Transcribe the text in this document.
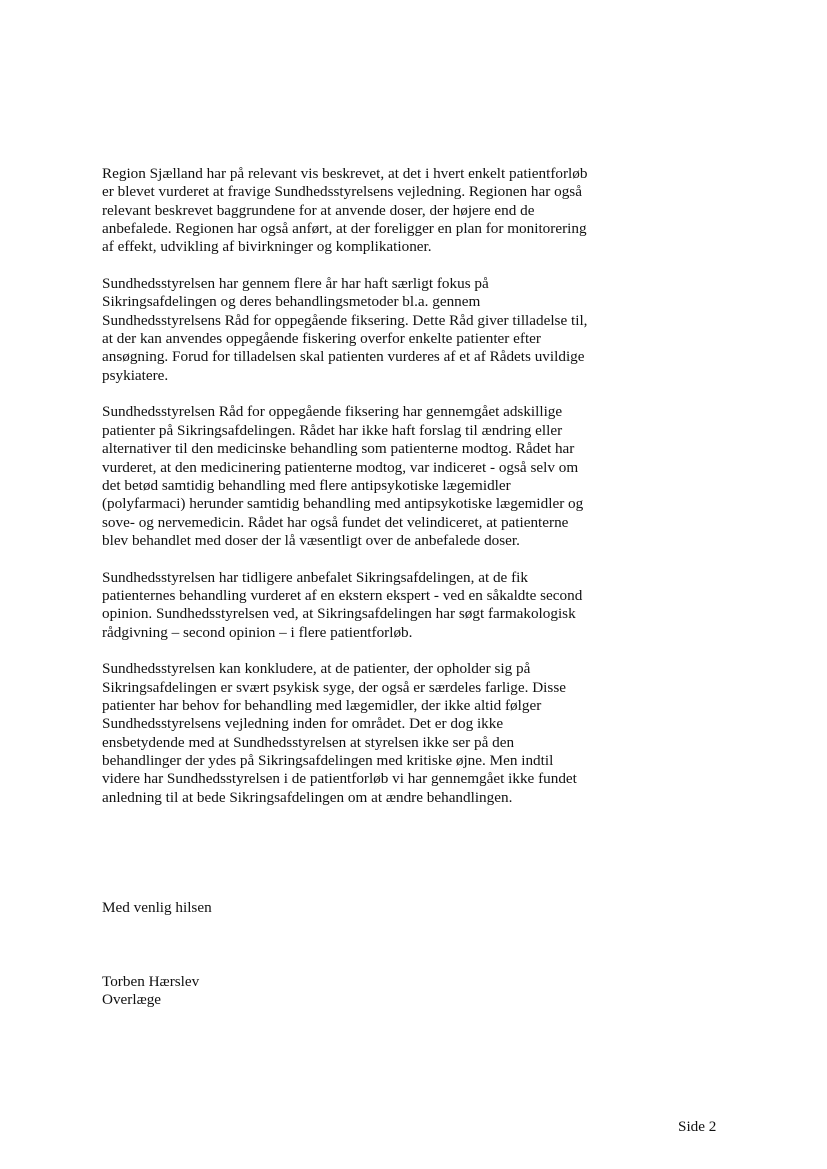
Region Sjælland har på relevant vis beskrevet, at det i hvert enkelt patientforløb
er blevet vurderet at fravige Sundhedsstyrelsens vejledning. Regionen har også
relevant beskrevet baggrundene for at anvende doser, der højere end de
anbefalede. Regionen har også anført, at der foreligger en plan for monitorering
af effekt, udvikling af bivirkninger og komplikationer.
Sundhedsstyrelsen har gennem flere år har haft særligt fokus på
Sikringsafdelingen og deres behandlingsmetoder bl.a. gennem
Sundhedsstyrelsens Råd for oppegående fiksering. Dette Råd giver tilladelse til,
at der kan anvendes oppegående fiskering overfor enkelte patienter efter
ansøgning. Forud for tilladelsen skal patienten vurderes af et af Rådets uvildige
psykiatere.
Sundhedsstyrelsen Råd for oppegående fiksering har gennemgået adskillige
patienter på Sikringsafdelingen. Rådet har ikke haft forslag til ændring eller
alternativer til den medicinske behandling som patienterne modtog. Rådet har
vurderet, at den medicinering patienterne modtog, var indiceret - også selv om
det betød samtidig behandling med flere antipsykotiske lægemidler
(polyfarmaci) herunder samtidig behandling med antipsykotiske lægemidler og
sove- og nervemedicin. Rådet har også fundet det velindiceret, at patienterne
blev behandlet med doser der lå væsentligt over de anbefalede doser.
Sundhedsstyrelsen har tidligere anbefalet Sikringsafdelingen, at de fik
patienternes behandling vurderet af en ekstern ekspert - ved en såkaldte second
opinion. Sundhedsstyrelsen ved, at Sikringsafdelingen har søgt farmakologisk
rådgivning – second opinion – i flere patientforløb.
Sundhedsstyrelsen kan konkludere, at de patienter, der opholder sig på
Sikringsafdelingen er svært psykisk syge, der også er særdeles farlige. Disse
patienter har behov for behandling med lægemidler, der ikke altid følger
Sundhedsstyrelsens vejledning inden for området. Det er dog ikke
ensbetydende med at Sundhedsstyrelsen at styrelsen ikke ser på den
behandlinger der ydes på Sikringsafdelingen med kritiske øjne. Men indtil
videre har Sundhedsstyrelsen i de patientforløb vi har gennemgået ikke fundet
anledning til at bede Sikringsafdelingen om at ændre behandlingen.
Med venlig hilsen
Torben Hærslev
Overlæge
Side 2
